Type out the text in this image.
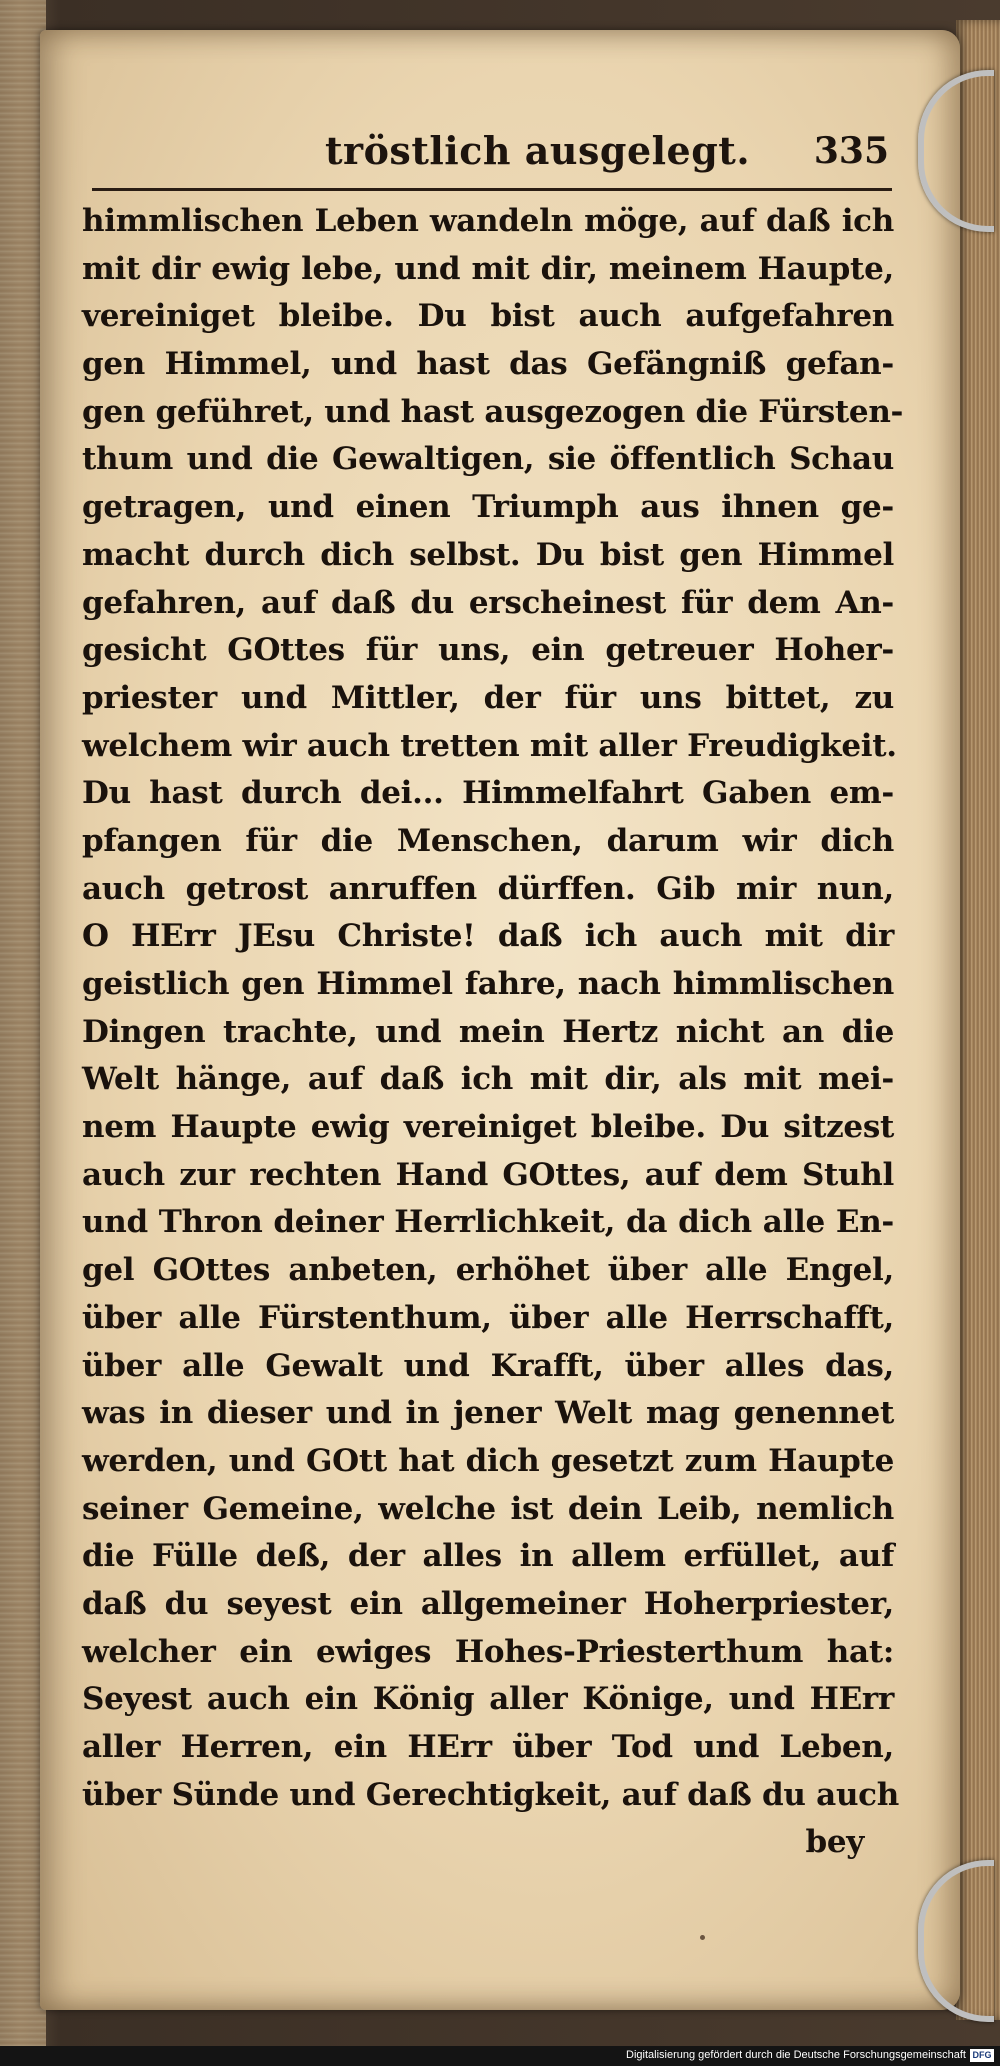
tröstlich ausgelegt. 335
himmlischen Leben wandeln möge, auf daß ich
mit dir ewig lebe, und mit dir, meinem Haupte,
vereiniget bleibe. Du bist auch aufgefahren
gen Himmel, und hast das Gefängniß gefan-
gen geführet, und hast ausgezogen die Fürsten-
thum und die Gewaltigen, sie öffentlich Schau
getragen, und einen Triumph aus ihnen ge-
macht durch dich selbst. Du bist gen Himmel
gefahren, auf daß du erscheinest für dem An-
gesicht GOttes für uns, ein getreuer Hoher-
priester und Mittler, der für uns bittet, zu
welchem wir auch tretten mit aller Freudigkeit.
Du hast durch dei... Himmelfahrt Gaben em-
pfangen für die Menschen, darum wir dich
auch getrost anruffen dürffen. Gib mir nun,
O HErr JEsu Christe! daß ich auch mit dir
geistlich gen Himmel fahre, nach himmlischen
Dingen trachte, und mein Hertz nicht an die
Welt hänge, auf daß ich mit dir, als mit mei-
nem Haupte ewig vereiniget bleibe. Du sitzest
auch zur rechten Hand GOttes, auf dem Stuhl
und Thron deiner Herrlichkeit, da dich alle En-
gel GOttes anbeten, erhöhet über alle Engel,
über alle Fürstenthum, über alle Herrschafft,
über alle Gewalt und Krafft, über alles das,
was in dieser und in jener Welt mag genennet
werden, und GOtt hat dich gesetzt zum Haupte
seiner Gemeine, welche ist dein Leib, nemlich
die Fülle deß, der alles in allem erfüllet, auf
daß du seyest ein allgemeiner Hoherpriester,
welcher ein ewiges Hohes-Priesterthum hat:
Seyest auch ein König aller Könige, und HErr
aller Herren, ein HErr über Tod und Leben,
über Sünde und Gerechtigkeit, auf daß du auch
bey
Digitalisierung gefördert durch die Deutsche Forschungsgemeinschaft DFG
